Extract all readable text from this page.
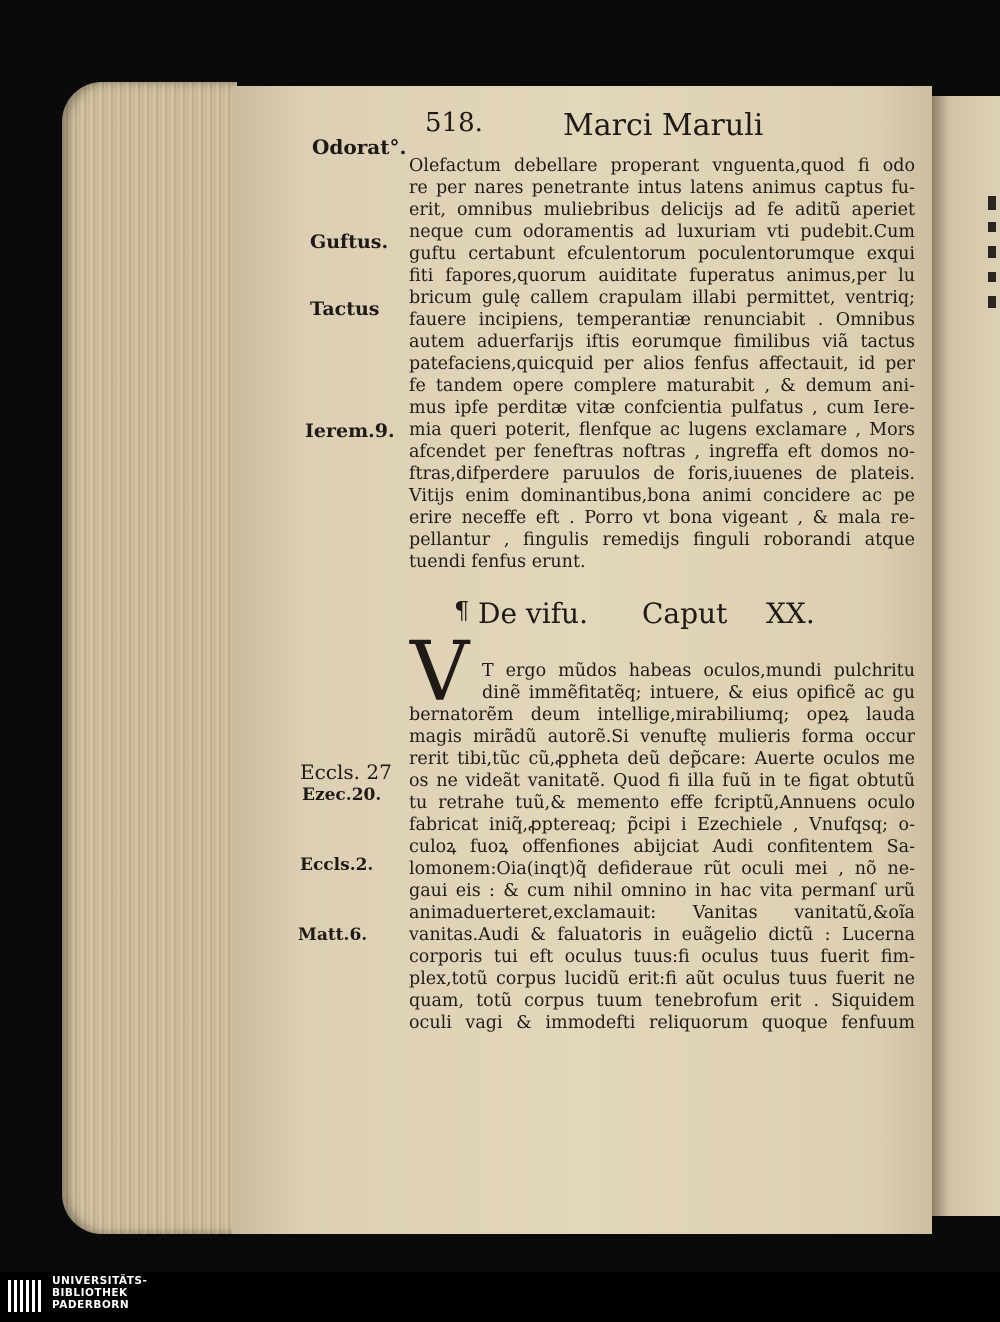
518.	Marci Maruli
Odorat°.
Guftus.
Tactus
Ierem.9.
Eccls. 27
Ezec.20.
Eccls.2.
Matt.6.
Olefactum debellare properant vnguenta,quod fi odo
re per nares penetrante intus latens animus captus fu-
erit, omnibus muliebribus delicijs ad fe aditũ aperiet
neque cum odoramentis ad luxuriam vti pudebit.Cum
guftu certabunt efculentorum poculentorumque exqui
fiti fapores,quorum auiditate fuperatus animus,per lu
bricum gulę callem crapulam illabi permittet, ventriq;
fauere incipiens, temperantiæ renunciabit . Omnibus
autem aduerfarijs iftis eorumque fimilibus viã tactus
patefaciens,quicquid per alios fenfus affectauit, id per
fe tandem opere complere maturabit , & demum ani-
mus ipfe perditæ vitæ confcientia pulfatus , cum Iere-
mia queri poterit, flenfque ac lugens exclamare , Mors
afcendet per feneftras noftras , ingreffa eft domos no-
ftras,difperdere paruulos de foris,iuuenes de plateis.
Vitijs enim dominantibus,bona animi concidere ac pe
erire neceffe eft . Porro vt bona vigeant , & mala re-
pellantur , fingulis remedijs finguli roborandi atque
tuendi fenfus erunt.
¶ De vifu. Caput XX.
V T ergo mũdos habeas oculos,mundi pulchritu
dinẽ immẽfitatẽq; intuere, & eius opificẽ ac gu
bernatorẽm deum intellige,mirabiliumq; opeꝝ lauda
magis mirãdũ autorẽ.Si venuftę mulieris forma occur
rerit tibi,tũc cũ,ꝓpheta deũ dep̃care: Auerte oculos me
os ne videãt vanitatẽ. Quod fi illa fuũ in te figat obtutũ
tu retrahe tuũ,& memento effe fcriptũ,Annuens oculo
fabricat iniq̃,ꝓptereaq; p̃cipi i Ezechiele , Vnufqsq; o-
culoꝝ fuoꝝ offenfiones abijciat Audi confitentem Sa-
lomonem:Oia(inqt)q̃ defideraue rũt oculi mei , nõ ne-
gaui eis : & cum nihil omnino in hac vita permanſ urũ
animaduerteret,exclamauit: Vanitas vanitatũ,&oĩa
vanitas.Audi & faluatoris in euãgelio dictũ : Lucerna
corporis tui eft oculus tuus:fi oculus tuus fuerit fim-
plex,totũ corpus lucidũ erit:fi aũt oculus tuus fuerit ne
quam, totũ corpus tuum tenebrofum erit . Siquidem
oculi vagi & immodefti reliquorum quoque fenfuum
UNIVERSITÄTS-
BIBLIOTHEK
PADERBORN
